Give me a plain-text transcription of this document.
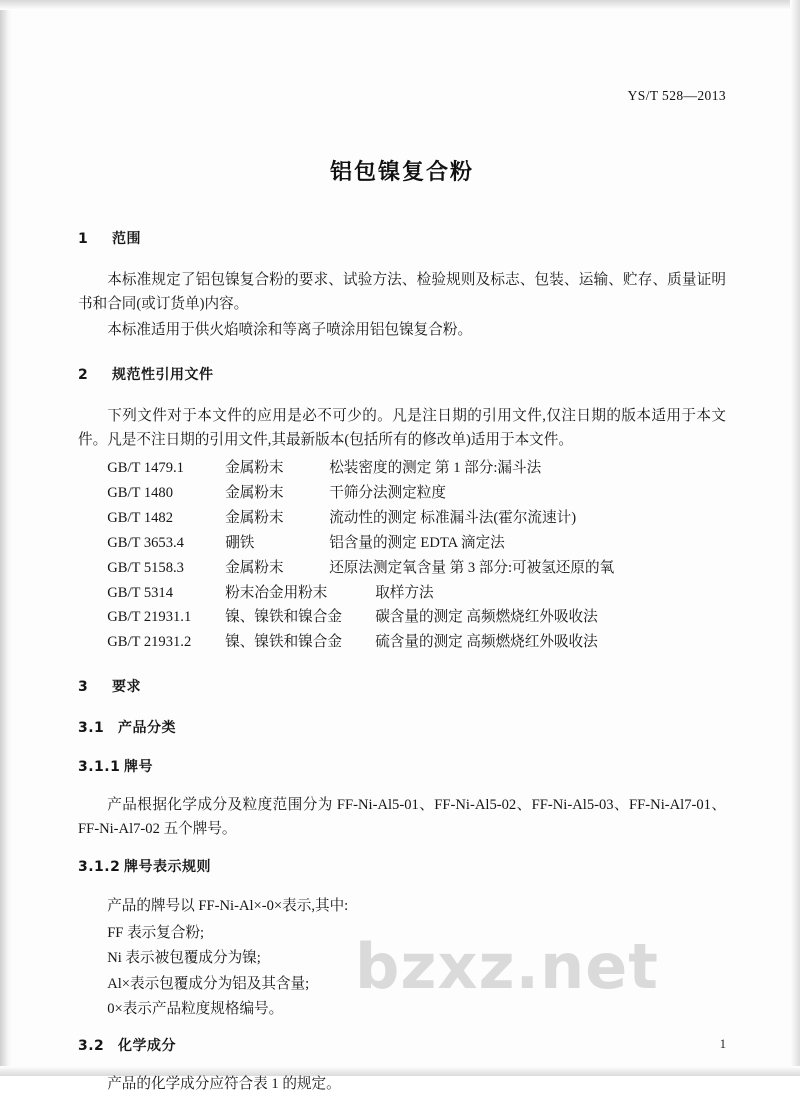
YS/T 528—2013
铝包镍复合粉
1 范围

本标准规定了铝包镍复合粉的要求、试验方法、检验规则及标志、包装、运输、贮存、质量证明书和合同(或订货单)内容。

本标准适用于供火焰喷涂和等离子喷涂用铝包镍复合粉。

2 规范性引用文件

下列文件对于本文件的应用是必不可少的。凡是注日期的引用文件,仅注日期的版本适用于本文件。凡是不注日期的引用文件,其最新版本(包括所有的修改单)适用于本文件。

GB/T 1479.1	金属粉末	松装密度的测定 第 1 部分:漏斗法
GB/T 1480	金属粉末	干筛分法测定粒度
GB/T 1482	金属粉末	流动性的测定 标准漏斗法(霍尔流速计)
GB/T 3653.4	硼铁	铝含量的测定 EDTA 滴定法
GB/T 5158.3	金属粉末	还原法测定氧含量 第 3 部分:可被氢还原的氧
GB/T 5314	粉末冶金用粉末	取样方法
GB/T 21931.1 镍、镍铁和镍合金 碳含量的测定 高频燃烧红外吸收法
GB/T 21931.2 镍、镍铁和镍合金 硫含量的测定 高频燃烧红外吸收法
3 要求
3.1 产品分类
3.1.1 牌号

产品根据化学成分及粒度范围分为 FF-Ni-Al5-01、FF-Ni-Al5-02、FF-Ni-Al5-03、FF-Ni-Al7-01、FF-Ni-Al7-02 五个牌号。

3.1.2 牌号表示规则

产品的牌号以 FF-Ni-Al×-0×表示,其中:

FF 表示复合粉;
Ni 表示被包覆成分为镍;
Al×表示包覆成分为铝及其含量;
0×表示产品粒度规格编号。
3.2 化学成分

产品的化学成分应符合表 1 的规定。

1
bzxz.net
